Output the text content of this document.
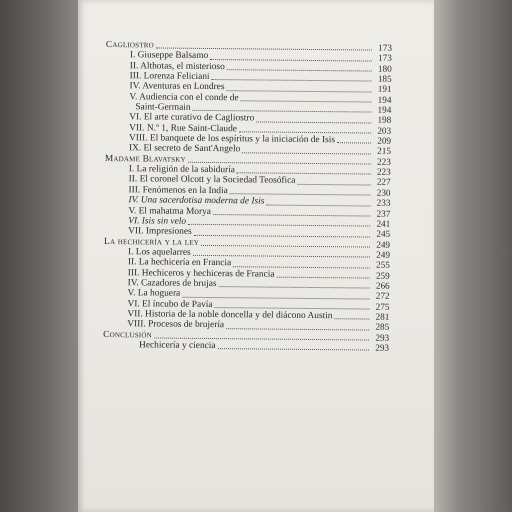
Cagliostro	173
I. Giuseppe Balsamo	173
II. Althotas, el misterioso	180
III. Lorenza Feliciani	185
IV. Aventuras en Londres	191
V. Audiencia con el conde de	194
Saint-Germain	194
VI. El arte curativo de Cagliostro	198
VII. N.º 1, Rue Saint-Claude	203
VIII. El banquete de los espíritus y la iniciación de Isis	209
IX. El secreto de Sant'Angelo	215
Madame Blavatsky	223
I. La religión de la sabiduría	223
II. El coronel Olcott y la Sociedad Teosófica	227
III. Fenómenos en la India	230
IV. Una sacerdotisa moderna de Isis	233
V. El mahatma Morya	237
VI. Isis sin velo	241
VII. Impresiones	245
La hechicería y la ley	249
I. Los aquelarres	249
II. La hechicería en Francia	255
III. Hechiceros y hechiceras de Francia	259
IV. Cazadores de brujas	266
V. La hoguera	272
VI. El íncubo de Pavía	275
VII. Historia de la noble doncella y del diácono Austin	281
VIII. Procesos de brujería	285
Conclusión	293
Hechicería y ciencia	293
